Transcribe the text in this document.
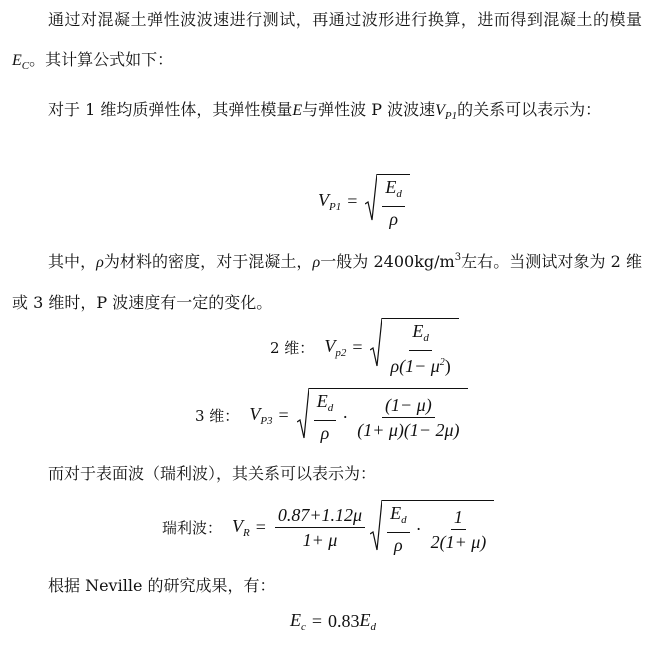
通过对混凝土弹性波波速进行测试，再通过波形进行换算，进而得到混凝土的模量$E_C$。其计算公式如下：

对于 1 维均质弹性体，其弹性模量E与弹性波 P 波波速$V_{P1}$的关系可以表示为：

$V_{P1} = \frac{E_d}{\rho}$

其中，ρ为材料的密度，对于混凝土，ρ一般为 $2400kg/m^3$左右。当测试对象为 2 维或 3 维时，P 波速度有一定的变化。

2 维： $V_{p2} = \frac{E_d}{\rho(1- \mu^2)}$
3 维： $V_{P3} = \frac{E_d}{\rho} \cdot \frac{(1- \mu)}{(1+ \mu)(1- 2\mu)}$

而对于表面波（瑞利波），其关系可以表示为：

瑞利波： $V_R = \frac{0.87+1.12\mu}{1+ \mu} \frac{E_d}{\rho} \cdot \frac{1}{2(1+ \mu)}$

根据 Neville 的研究成果，有：

$E_c = 0.83$ $E_d$
